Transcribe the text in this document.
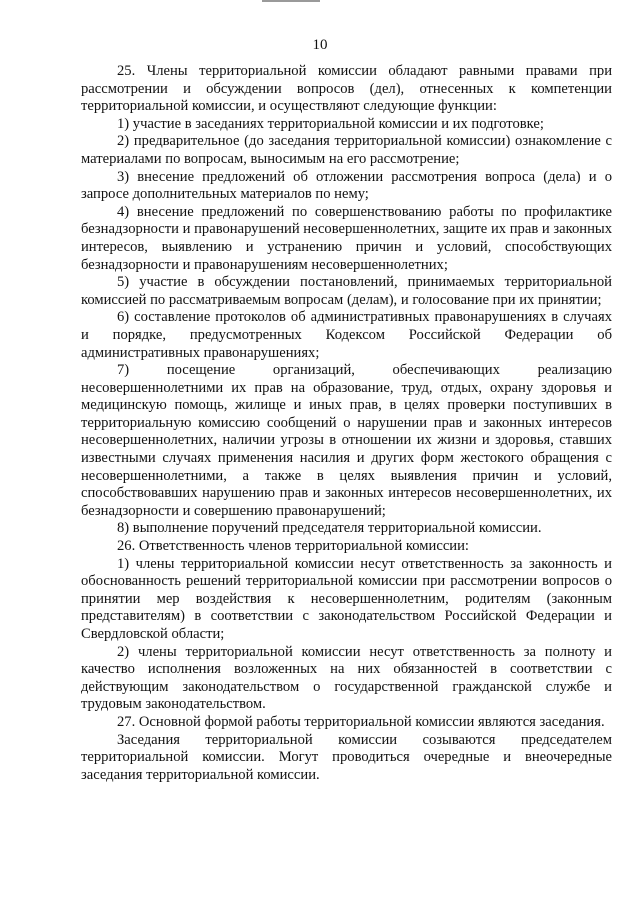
10

25. Члены территориальной комиссии обладают равными правами при рассмотрении и обсуждении вопросов (дел), отнесенных к компетенции территориальной комиссии, и осуществляют следующие функции:

1) участие в заседаниях территориальной комиссии и их подготовке;

2) предварительное (до заседания территориальной комиссии) ознакомление с материалами по вопросам, выносимым на его рассмотрение;

3) внесение предложений об отложении рассмотрения вопроса (дела) и о запросе дополнительных материалов по нему;

4) внесение предложений по совершенствованию работы по профилактике безнадзорности и правонарушений несовершеннолетних, защите их прав и законных интересов, выявлению и устранению причин и условий, способствующих безнадзорности и правонарушениям несовершеннолетних;

5) участие в обсуждении постановлений, принимаемых территориальной комиссией по рассматриваемым вопросам (делам), и голосование при их принятии;

6) составление протоколов об административных правонарушениях в случаях и порядке, предусмотренных Кодексом Российской Федерации об административных правонарушениях;

7) посещение организаций, обеспечивающих реализацию несовершеннолетними их прав на образование, труд, отдых, охрану здоровья и медицинскую помощь, жилище и иных прав, в целях проверки поступивших в территориальную комиссию сообщений о нарушении прав и законных интересов несовершеннолетних, наличии угрозы в отношении их жизни и здоровья, ставших известными случаях применения насилия и других форм жестокого обращения с несовершеннолетними, а также в целях выявления причин и условий, способствовавших нарушению прав и законных интересов несовершеннолетних, их безнадзорности и совершению правонарушений;

8) выполнение поручений председателя территориальной комиссии.

26. Ответственность членов территориальной комиссии:

1) члены территориальной комиссии несут ответственность за законность и обоснованность решений территориальной комиссии при рассмотрении вопросов о принятии мер воздействия к несовершеннолетним, родителям (законным представителям) в соответствии с законодательством Российской Федерации и Свердловской области;

2) члены территориальной комиссии несут ответственность за полноту и качество исполнения возложенных на них обязанностей в соответствии с действующим законодательством о государственной гражданской службе и трудовым законодательством.

27. Основной формой работы территориальной комиссии являются заседания.

Заседания территориальной комиссии созываются председателем территориальной комиссии. Могут проводиться очередные и внеочередные заседания территориальной комиссии.
